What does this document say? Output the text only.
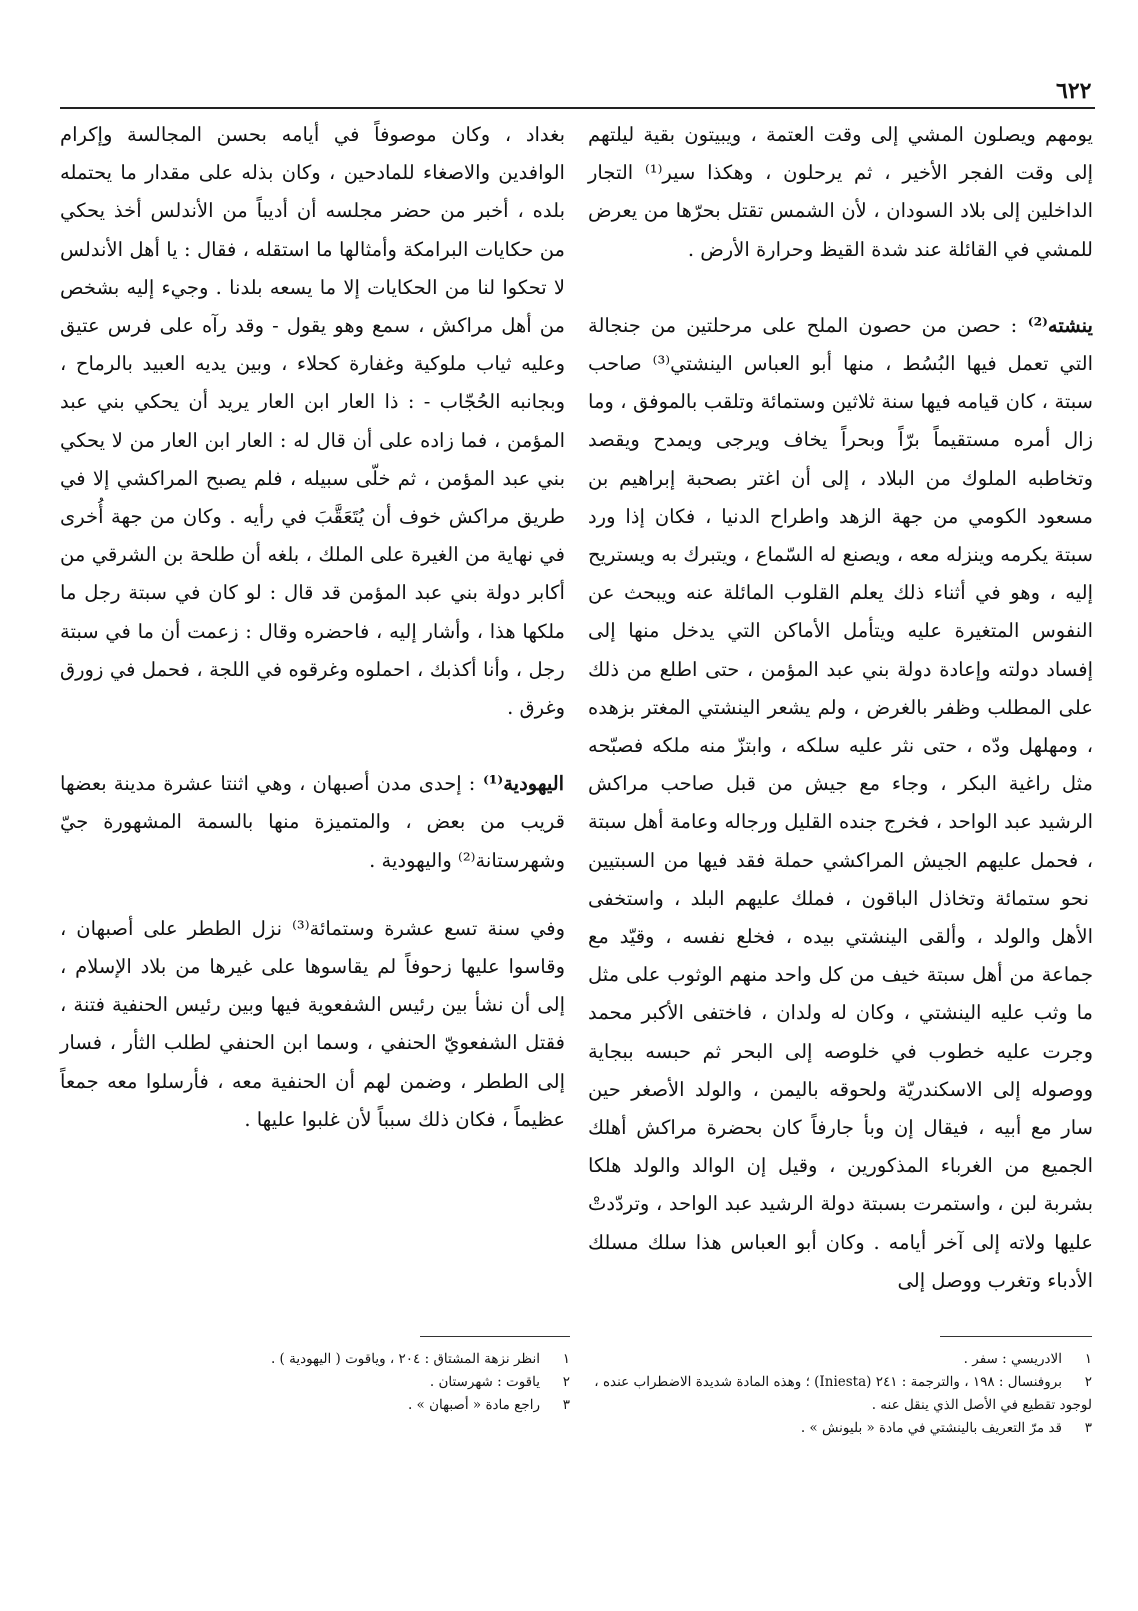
٦٢٢

يومهم ويصلون المشي إلى وقت العتمة ، ويبيتون بقية ليلتهم إلى وقت الفجر الأخير ، ثم يرحلون ، وهكذا سير⁽¹⁾ التجار الداخلين إلى بلاد السودان ، لأن الشمس تقتل بحرّها من يعرض للمشي في القائلة عند شدة القيظ وحرارة الأرض .

ينشته⁽²⁾ : حصن من حصون الملح على مرحلتين من جنجالة التي تعمل فيها البُسُط ، منها أبو العباس الينشتي⁽³⁾ صاحب سبتة ، كان قيامه فيها سنة ثلاثين وستمائة وتلقب بالموفق ، وما زال أمره مستقيماً برّاً وبحراً يخاف ويرجى ويمدح ويقصد وتخاطبه الملوك من البلاد ، إلى أن اغتر بصحبة إبراهيم بن مسعود الكومي من جهة الزهد واطراح الدنيا ، فكان إذا ورد سبتة يكرمه وينزله معه ، ويصنع له السّماع ، ويتبرك به ويستريح إليه ، وهو في أثناء ذلك يعلم القلوب المائلة عنه ويبحث عن النفوس المتغيرة عليه ويتأمل الأماكن التي يدخل منها إلى إفساد دولته وإعادة دولة بني عبد المؤمن ، حتى اطلع من ذلك على المطلب وظفر بالغرض ، ولم يشعر الينشتي المغتر بزهده ، ومهلهل ودّه ، حتى نثر عليه سلكه ، وابتزّ منه ملكه فصبّحه مثل راغية البكر ، وجاء مع جيش من قبل صاحب مراكش الرشيد عبد الواحد ، فخرج جنده القليل ورجاله وعامة أهل سبتة ، فحمل عليهم الجيش المراكشي حملة فقد فيها من السبتيين نحو ستمائة وتخاذل الباقون ، فملك عليهم البلد ، واستخفى الأهل والولد ، وألقى الينشتي بيده ، فخلع نفسه ، وقيّد مع جماعة من أهل سبتة خيف من كل واحد منهم الوثوب على مثل ما وثب عليه الينشتي ، وكان له ولدان ، فاختفى الأكبر محمد وجرت عليه خطوب في خلوصه إلى البحر ثم حبسه ببجاية ووصوله إلى الاسكندريّة ولحوقه باليمن ، والولد الأصغر حين سار مع أبيه ، فيقال إن وبأ جارفاً كان بحضرة مراكش أهلك الجميع من الغرباء المذكورين ، وقيل إن الوالد والولد هلكا بشربة لبن ، واستمرت بسبتة دولة الرشيد عبد الواحد ، وتردّدتْ عليها ولاته إلى آخر أيامه . وكان أبو العباس هذا سلك مسلك الأدباء وتغرب ووصل إلى

بغداد ، وكان موصوفاً في أيامه بحسن المجالسة وإكرام الوافدين والاصغاء للمادحين ، وكان بذله على مقدار ما يحتمله بلده ، أخبر من حضر مجلسه أن أديباً من الأندلس أخذ يحكي من حكايات البرامكة وأمثالها ما استقله ، فقال : يا أهل الأندلس لا تحكوا لنا من الحكايات إلا ما يسعه بلدنا . وجيء إليه بشخص من أهل مراكش ، سمع وهو يقول - وقد رآه على فرس عتيق وعليه ثياب ملوكية وغفارة كحلاء ، وبين يديه العبيد بالرماح ، وبجانبه الحُجّاب - : ذا العار ابن العار يريد أن يحكي بني عبد المؤمن ، فما زاده على أن قال له : العار ابن العار من لا يحكي بني عبد المؤمن ، ثم خلّى سبيله ، فلم يصبح المراكشي إلا في طريق مراكش خوف أن يُتَعَقَّبَ في رأيه . وكان من جهة أُخرى في نهاية من الغيرة على الملك ، بلغه أن طلحة بن الشرقي من أكابر دولة بني عبد المؤمن قد قال : لو كان في سبتة رجل ما ملكها هذا ، وأشار إليه ، فاحضره وقال : زعمت أن ما في سبتة رجل ، وأنا أكذبك ، احملوه وغرقوه في اللجة ، فحمل في زورق وغرق .

اليهودية⁽¹⁾ : إحدى مدن أصبهان ، وهي اثنتا عشرة مدينة بعضها قريب من بعض ، والمتميزة منها بالسمة المشهورة جيّ وشهرستانة⁽²⁾ واليهودية .

وفي سنة تسع عشرة وستمائة⁽³⁾ نزل الططر على أصبهان ، وقاسوا عليها زحوفاً لم يقاسوها على غيرها من بلاد الإسلام ، إلى أن نشأ بين رئيس الشفعوية فيها وبين رئيس الحنفية فتنة ، فقتل الشفعويّ الحنفي ، وسما ابن الحنفي لطلب الثأر ، فسار إلى الططر ، وضمن لهم أن الحنفية معه ، فأرسلوا معه جمعاً عظيماً ، فكان ذلك سبباً لأن غلبوا عليها .

١
الادريسي : سفر .
٢
بروفنسال : ١٩٨ ، والترجمة : ٢٤١ (Iniesta) ؛ وهذه المادة شديدة الاضطراب عنده ،
لوجود تقطيع في الأصل الذي ينقل عنه .
٣
قد مرّ التعريف بالينشتي في مادة « بليونش » .
١
انظر نزهة المشتاق : ٢٠٤ ، وياقوت ( اليهودية ) .
٢
ياقوت : شهرستان .
٣
راجع مادة « أصبهان » .
